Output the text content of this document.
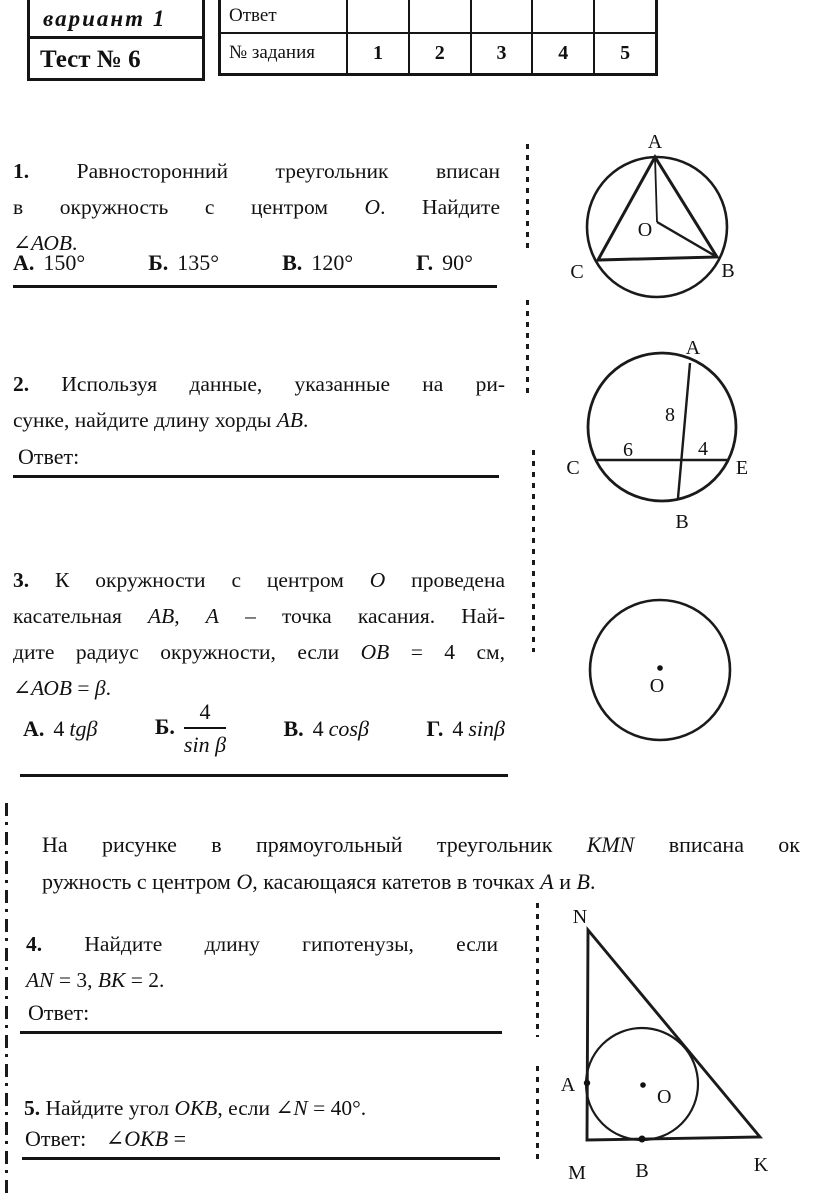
вариант 1
Тест № 6
Ответ					
№ задания	1	2	3	4	5
1. Равносторонний треугольник вписан
в окружность с центром О. Найдите
∠АОВ.
А. 150°	Б. 135°	В. 120°	Г. 90°
A
B
C
O
2. Используя данные, указанные на ри-
сунке, найдите длину хорды АВ.
Ответ:
A
B
C	E
8
6	4
3. К окружности с центром О проведена
касательная АВ, А – точка касания. Най-
дите радиус окружности, если ОВ = 4 см,
∠АОВ = β.
А. 4 tgβ	Б. $\frac{4}{\text{sin β}}$	В. 4 cosβ	Г. 4 sinβ
O
На рисунке в прямоугольный треугольник КМN вписана ок
ружность с центром О, касающаяся катетов в точках А и В.
4. Найдите длину гипотенузы, если
AN = 3, BK = 2.
Ответ:
5. Найдите угол ОКВ, если ∠N = 40°.
Ответ: ∠ОКВ =
N
A
O
M B	K
